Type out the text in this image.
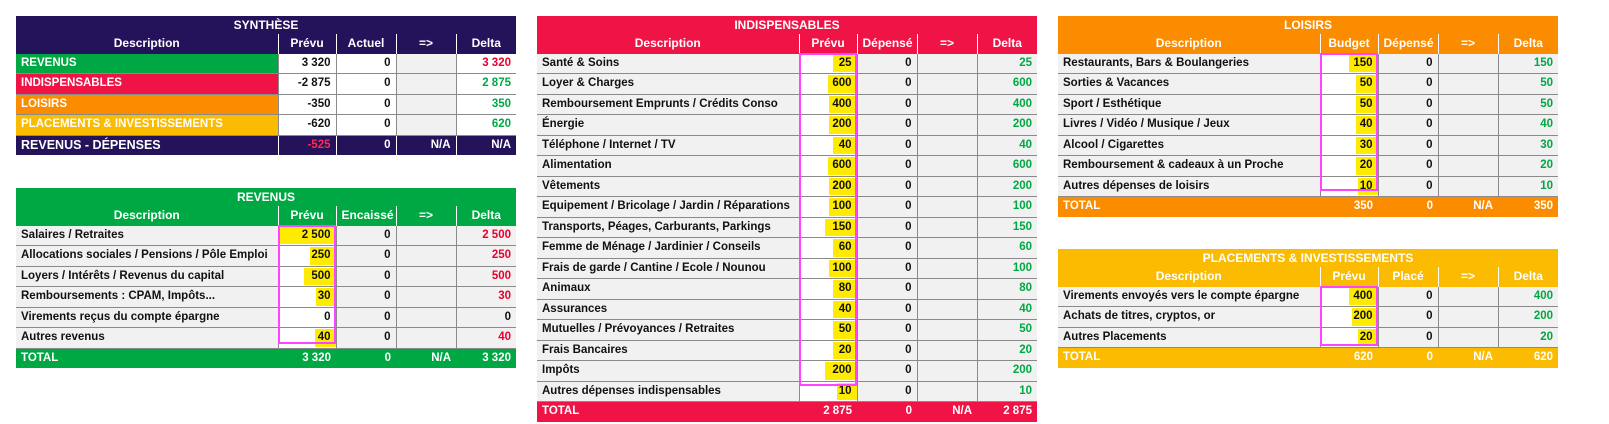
SYNTHÈSE
Description	Prévu	Actuel	=>	Delta
REVENUS	3 320	0		3 320
INDISPENSABLES	-2 875	0		2 875
LOISIRS	-350	0		350
PLACEMENTS & INVESTISSEMENTS	-620	0		620
REVENUS - DÉPENSES	-525	0	N/A	N/A
REVENUS
Description	Prévu	Encaissé	=>	Delta
Salaires / Retraites	2 500	0		2 500
Allocations sociales / Pensions / Pôle Emploi	250	0		250
Loyers / Intérêts / Revenus du capital	500	0		500
Remboursements : CPAM, Impôts...	30	0		30
Virements reçus du compte épargne	0	0		0
Autres revenus	40	0		40
TOTAL	3 320	0	N/A	3 320
INDISPENSABLES
Description	Prévu	Dépensé	=>	Delta
Santé & Soins	25	0		25
Loyer & Charges	600	0		600
Remboursement Emprunts / Crédits Conso	400	0		400
Énergie	200	0		200
Téléphone / Internet / TV	40	0		40
Alimentation	600	0		600
Vêtements	200	0		200
Equipement / Bricolage / Jardin / Réparations	100	0		100
Transports, Péages, Carburants, Parkings	150	0		150
Femme de Ménage / Jardinier / Conseils	60	0		60
Frais de garde / Cantine / Ecole / Nounou	100	0		100
Animaux	80	0		80
Assurances	40	0		40
Mutuelles / Prévoyances / Retraites	50	0		50
Frais Bancaires	20	0		20
Impôts	200	0		200
Autres dépenses indispensables	10	0		10
TOTAL	2 875	0	N/A	2 875
LOISIRS
Description	Budget	Dépensé	=>	Delta
Restaurants, Bars & Boulangeries	150	0		150
Sorties & Vacances	50	0		50
Sport / Esthétique	50	0		50
Livres / Vidéo / Musique / Jeux	40	0		40
Alcool / Cigarettes	30	0		30
Remboursement & cadeaux à un Proche	20	0		20
Autres dépenses de loisirs	10	0		10
TOTAL	350	0	N/A	350
PLACEMENTS & INVESTISSEMENTS
Description	Prévu	Placé	=>	Delta
Virements envoyés vers le compte épargne	400	0		400
Achats de titres, cryptos, or	200	0		200
Autres Placements	20	0		20
TOTAL	620	0	N/A	620
